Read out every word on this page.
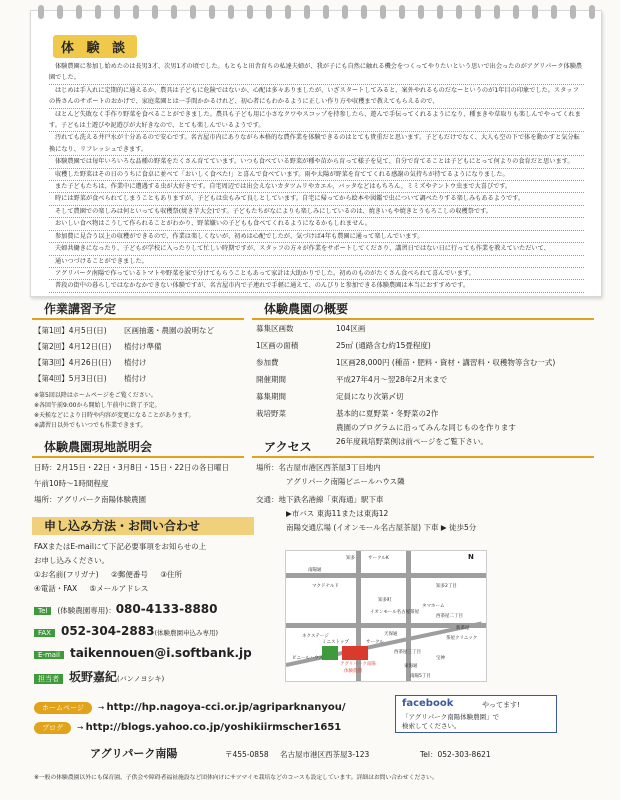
体 験 談

体験農園に参加し始めたのは長男3才、次男1才の頃でした。もともと田舎育ちの私達夫婦が、我が子にも自然に触れる機会をつくってやりたいという思いで出会ったのがアグリパーク体験農園でした。

はじめは手入れに定期的に通えるか、農具は子どもに危険ではないか、心配は多々ありましたが、いざスタートしてみると、案外やれるものだなーというのが1年目の印象でした。スタッフの皆さんのサポートのおかげで、家庭菜園とは一手間かかるけれど、初心者にもわかるように正しい作り方や収穫まで教えてもらえるので、

ほとんど失敗なく手作り野菜を食べることができました。農具も子ども用に小さなクワやスコップを持参したら、遊んで手伝ってくれるようになり、種まきや草取りも楽しんでやってくれます。子どもは土遊びや泥遊びが大好きなので、とても楽しんでいるようです。

汚れても洗える井戸水が十分あるので安心です。名古屋市内にありながら本格的な農作業を体験できるのはとても貴重だと思います。子どもだけでなく、大人も空の下で体を動かすと気分転換になり、リフレッシュできます。

体験農園では毎年いろいろな品種の野菜をたくさん育てています。いつも食べている野菜が種や苗から育って様子を見て、自分で育てることは子どもにとって何よりの食育だと思います。

収穫した野菜はその日のうちに食卓に並べて「おいしく食べた!」と喜んで食べています。雨や太陽が野菜を育ててくれる感謝の気持ちが持てるようになりました。

また子どもたちは、作業中に遭遇する虫が大好きです。自宅周辺では出会えないカタツムリやカエル、バッタなどはもちろん、ミミズやテントウ虫まで大喜びです。

時には野菜が食べられてしまうこともありますが、子どもは虫もみて良しとしています。自宅に帰ってから絵本や図鑑で虫について調べたりする楽しみもあるようです。

そして農園での楽しみは何といっても収穫祭(焼き芋大会)です。子どもたちがなによりも楽しみにしているのは、焼きいもや焼きとうもろこしの収穫祭です。

おいしい食べ物はこうして作られることがわかり、野菜嫌いの子どもも食べてくれるようになるかもしれません。

参加費に見合う以上の収穫ができるので、作業は楽しくないが、初めは心配でしたが、気づけば4年も農園に通って楽しんでいます。

夫婦共働きになったり、子どもが学校に入ったりして忙しい時期ですが、スタッフの方々が作業をサポートしてくださり、講習日ではない日に行っても作業を教えていただいて、

通いつづけることができました。

アグリパーク南陽で作っているトマトや野菜を家で分けてもらうこともあって家計は大助かりでした。初めのものがたくさん食べられて喜んでいます。

普段の街中の暮らしではなかなかできない体験ですが、名古屋市内で子連れで手軽に通えて、のんびりと参加できる体験農園は本当におすすめです。

作業講習予定
【第1回】4月5日(日) 区画抽選・農園の説明など
【第2回】4月12日(日) 植付け準備
【第3回】4月26日(日) 植付け
【第4回】5月3日(日) 植付け
※第5回以降はホームページをご覧ください。
※各回午前9:00から開始し午前中に終了予定。
※天候などにより日時や内容が変更になることがあります。
※講習日以外でもいつでも作業できます。
体験農園の概要
募集区画数	104区画
1区画の面積	25㎡ (通路含む約15畳程度)
参加費	1区画28,000円 (種苗・肥料・資材・講習料・収穫物等含む一式)
開催期間	平成27年4月～翌28年2月末まで
募集期間	定員になり次第〆切
栽培野菜	基本的に夏野菜・冬野菜の2作
農園のプログラムに沿ってみんな同じものを作ります
26年度栽培野菜例は前ページをご覧下さい。
体験農園現地説明会
日時：2月15日・22日・3月8日・15日・22日の各日曜日
午前10時～1時間程度
場所：アグリパーク南陽体験農園
アクセス
場所：名古屋市港区西茶屋3丁目地内
アグリパーク南陽ビニールハウス隣
交通：地下鉄名港線「東海通」駅下車
▶市バス 東海11または東海12
南陽交通広場 (イオンモール名古屋茶屋) 下車 ▶ 徒歩5分
知多	サークルK
南陽通
マクドナルド	知多2丁目
知多町
イオンモール名古屋茶屋
タマホーム
西茶屋二丁目
ネクステージ
ミニストップ
天保通
サークル
ビニールハウス
アグリパーク南陽
体験農園
新茶屋
茶屋クリニック
宝神
東海通
南陽5丁目
西茶屋三丁目
N
申し込み方法・お問い合わせ
FAXまたはE-mailにて下記必要事項をお知らせの上
お申し込みください。
①お名前(フリガナ) ②郵便番号 ③住所
④電話・FAX ⑤メールアドレス
Tel (体験農園専用)：080-4133-8880
FAX 052-304-2883(体験農園申込み専用)
E-mail taikennouen@i.softbank.jp
担当者 坂野嘉紀(バンノヨシキ)
ホームページ → http://hp.nagoya-cci.or.jp/agriparknanyou/
ブログ → http://blogs.yahoo.co.jp/yoshikiirmscher1651
facebook	やってます!
「アグリパーク南陽体験農園」で
検索してください。
アグリパーク南陽	〒455-0858 名古屋市港区西茶屋3-123	Tel：052-303-8621
※一般の体験農園以外にも保育園、子供会や障碍者福祉施設など団体向けにサツマイモ栽培などのコースも設定しています。詳細はお問い合わせください。
